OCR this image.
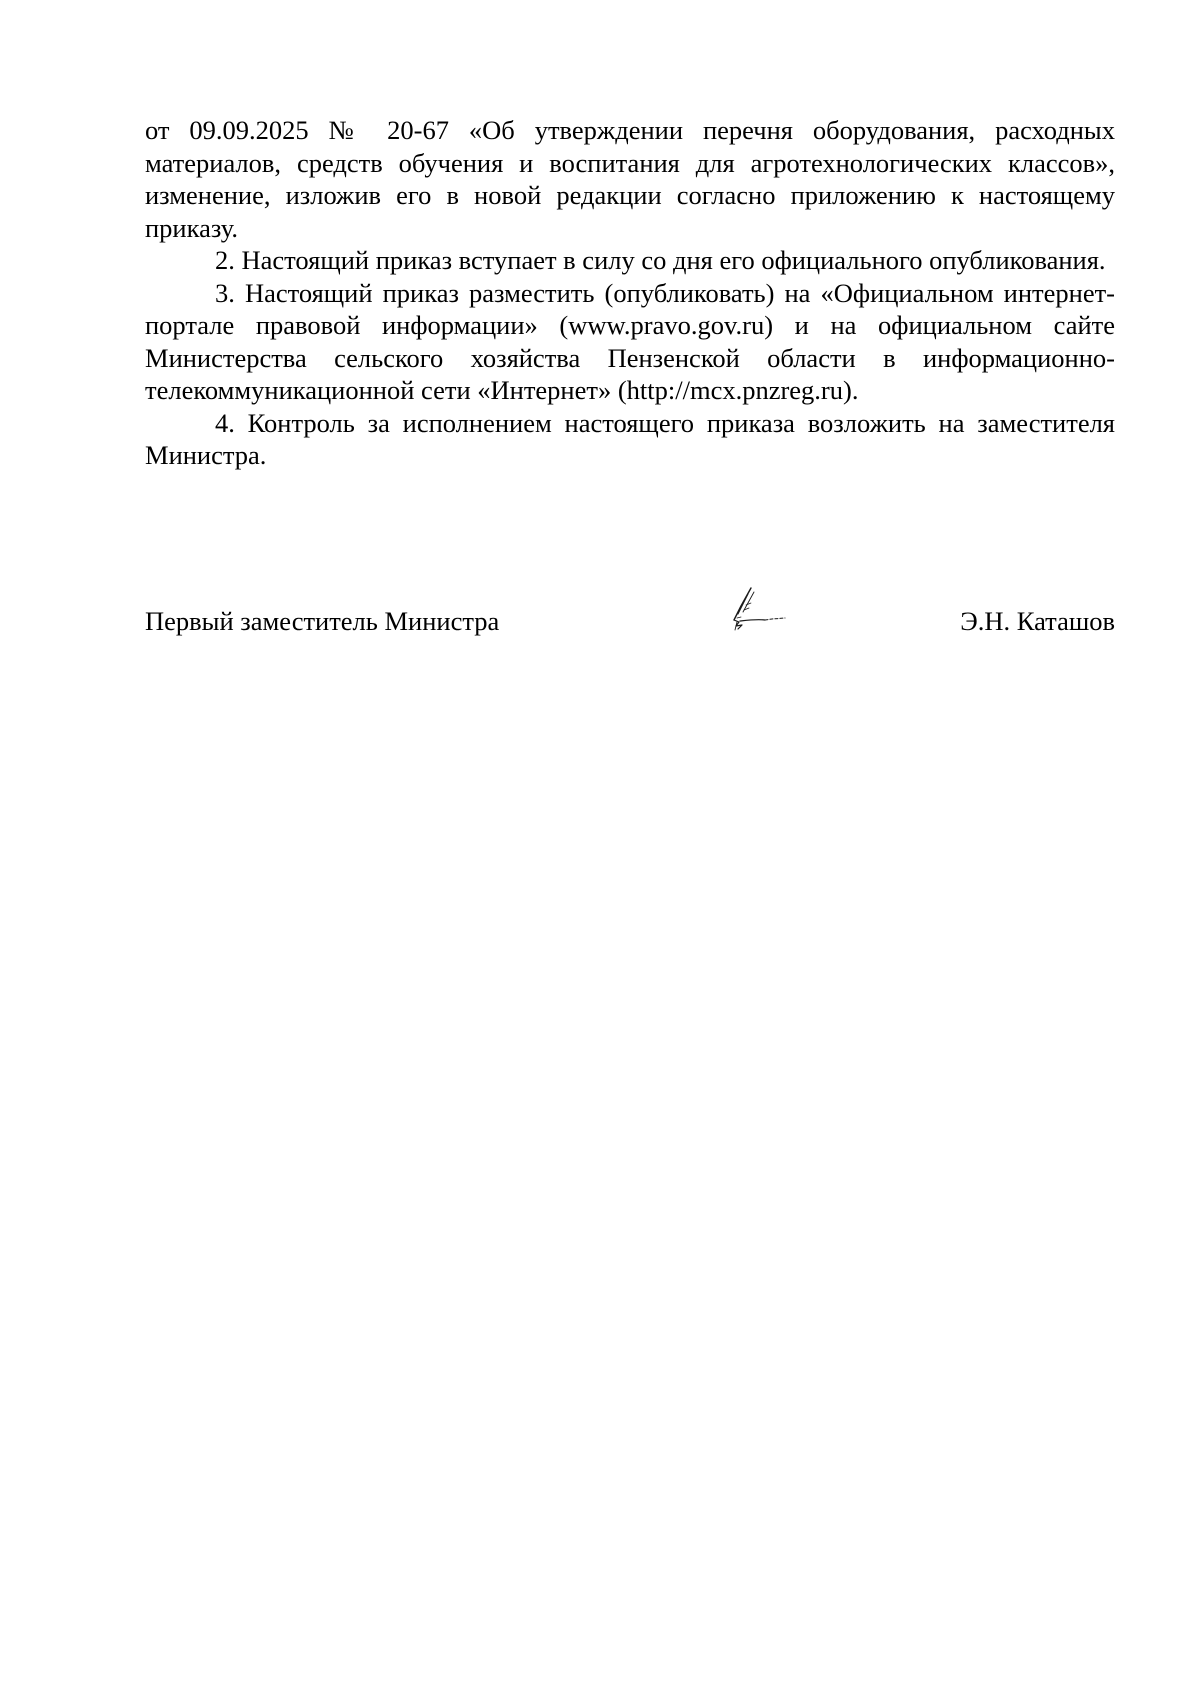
от 09.09.2025 № 20-67 «Об утверждении перечня оборудования, расходных материалов, средств обучения и воспитания для агротехнологических классов», изменение, изложив его в новой редакции согласно приложению к настоящему приказу.

2. Настоящий приказ вступает в силу со дня его официального опубликования.

3. Настоящий приказ разместить (опубликовать) на «Официальном интернет-портале правовой информации» (www.pravo.gov.ru) и на официальном сайте Министерства сельского хозяйства Пензенской области в информационно-телекоммуникационной сети «Интернет» (http://mcx.pnzreg.ru).

4. Контроль за исполнением настоящего приказа возложить на заместителя Министра.

Первый заместитель Министра	Э.Н. Каташов
